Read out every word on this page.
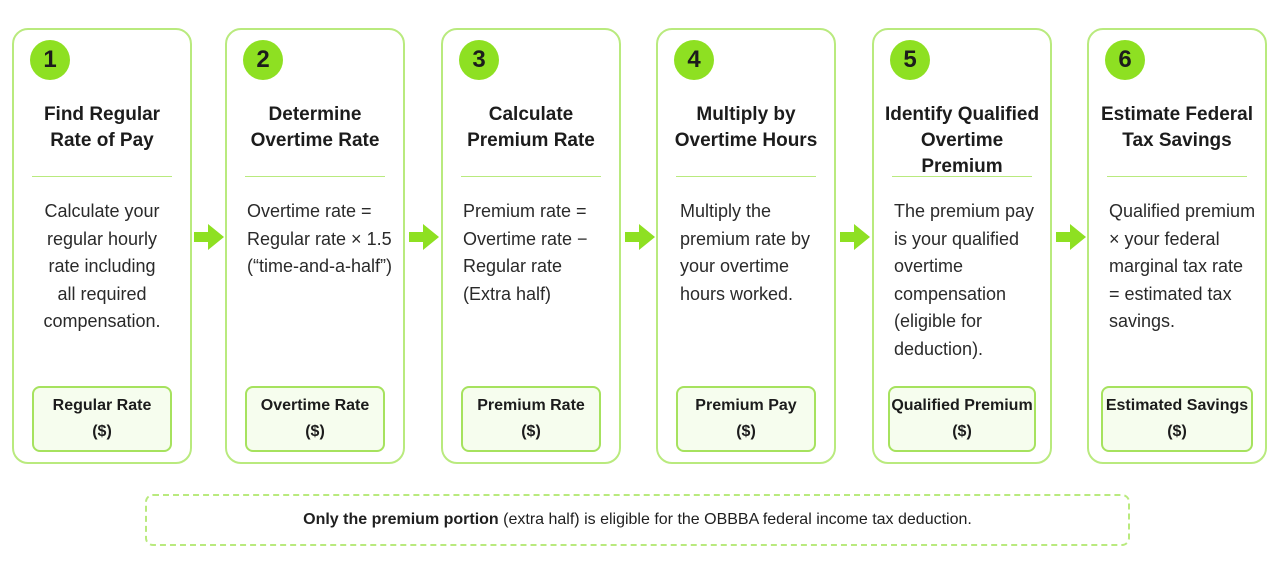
1
Find Regular
Rate of Pay
Calculate your
regular hourly
rate including
all required
compensation.
Regular Rate
($)
2
Determine
Overtime Rate
Overtime rate =
Regular rate × 1.5
(“time-and-a-half”)
Overtime Rate
($)
3
Calculate
Premium Rate
Premium rate =
Overtime rate −
Regular rate
(Extra half)
Premium Rate
($)
4
Multiply by
Overtime Hours
Multiply the
premium rate by
your overtime
hours worked.
Premium Pay
($)
5
Identify Qualified
Overtime Premium
The premium pay
is your qualified
overtime
compensation
(eligible for
deduction).
Qualified Premium
($)
6
Estimate Federal
Tax Savings
Qualified premium
× your federal
marginal tax rate
= estimated tax
savings.
Estimated Savings
($)
Only the premium portion (extra half) is eligible for the OBBBA federal income tax deduction.
